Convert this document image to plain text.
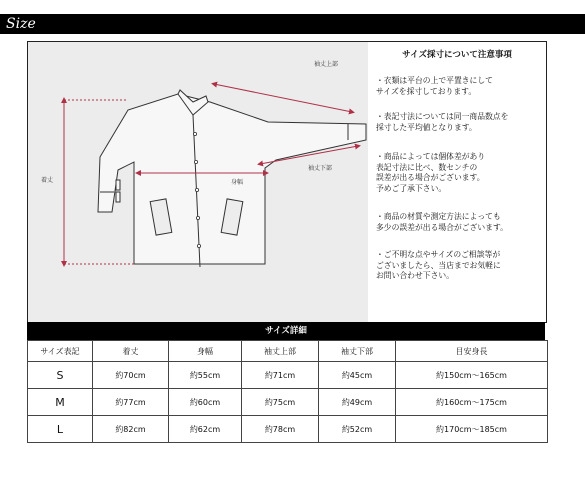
Size
袖丈上部
袖丈下部
身幅
着丈
サイズ採寸について注意事項
・衣類は平台の上で平置きにして
サイズを採寸しております。
・表記寸法については同一商品数点を
採寸した平均値となります。
・商品によっては個体差があり
表記寸法に比べ、数センチの
誤差が出る場合がございます。
予めご了承下さい。
・商品の材質や測定方法によっても
多少の誤差が出る場合がございます。
・ご不明な点やサイズのご相談等が
ございましたら、当店までお気軽に
お問い合わせ下さい。
サイズ詳細
サイズ表記	着丈	身幅	袖丈上部	袖丈下部	目安身長
S	約70cm	約55cm	約71cm	約45cm	約150cm～165cm
M	約77cm	約60cm	約75cm	約49cm	約160cm～175cm
L	約82cm	約62cm	約78cm	約52cm	約170cm～185cm
